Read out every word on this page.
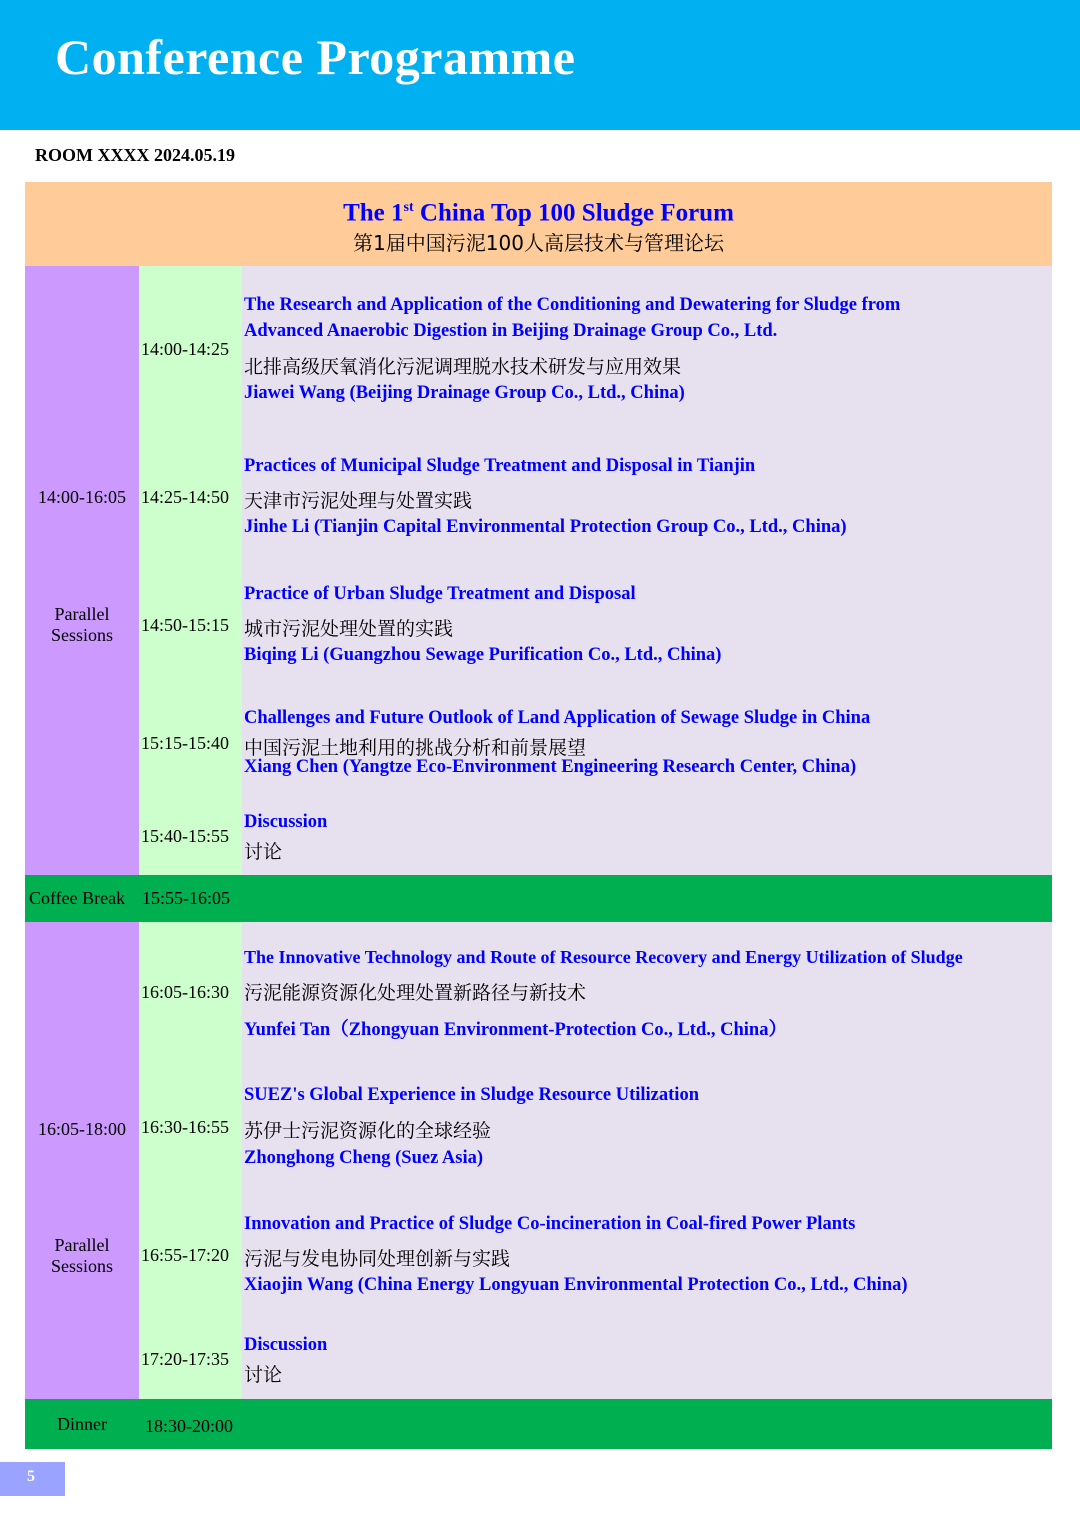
Conference Programme
ROOM XXXX 2024.05.19
The 1st China Top 100 Sludge Forum
第1届中国污泥100人高层技术与管理论坛
14:00-16:05
Parallel
Sessions
14:00-14:25
The Research and Application of the Conditioning and Dewatering for Sludge from
Advanced Anaerobic Digestion in Beijing Drainage Group Co., Ltd.
北排高级厌氧消化污泥调理脱水技术研发与应用效果
Jiawei Wang (Beijing Drainage Group Co., Ltd., China)
14:25-14:50
Practices of Municipal Sludge Treatment and Disposal in Tianjin
天津市污泥处理与处置实践
Jinhe Li (Tianjin Capital Environmental Protection Group Co., Ltd., China)
14:50-15:15
Practice of Urban Sludge Treatment and Disposal
城市污泥处理处置的实践
Biqing Li (Guangzhou Sewage Purification Co., Ltd., China)
15:15-15:40
Challenges and Future Outlook of Land Application of Sewage Sludge in China
中国污泥土地利用的挑战分析和前景展望
Xiang Chen (Yangtze Eco-Environment Engineering Research Center, China)
15:40-15:55
Discussion
讨论
Coffee Break 15:55-16:05
16:05-18:00
Parallel
Sessions
16:05-16:30
The Innovative Technology and Route of Resource Recovery and Energy Utilization of Sludge
污泥能源资源化处理处置新路径与新技术
Yunfei Tan（Zhongyuan Environment-Protection Co., Ltd., China）
16:30-16:55
SUEZ's Global Experience in Sludge Resource Utilization
苏伊士污泥资源化的全球经验
Zhonghong Cheng (Suez Asia)
16:55-17:20
Innovation and Practice of Sludge Co-incineration in Coal-fired Power Plants
污泥与发电协同处理创新与实践
Xiaojin Wang (China Energy Longyuan Environmental Protection Co., Ltd., China)
17:20-17:35
Discussion
讨论
Dinner 18:30-20:00
5
